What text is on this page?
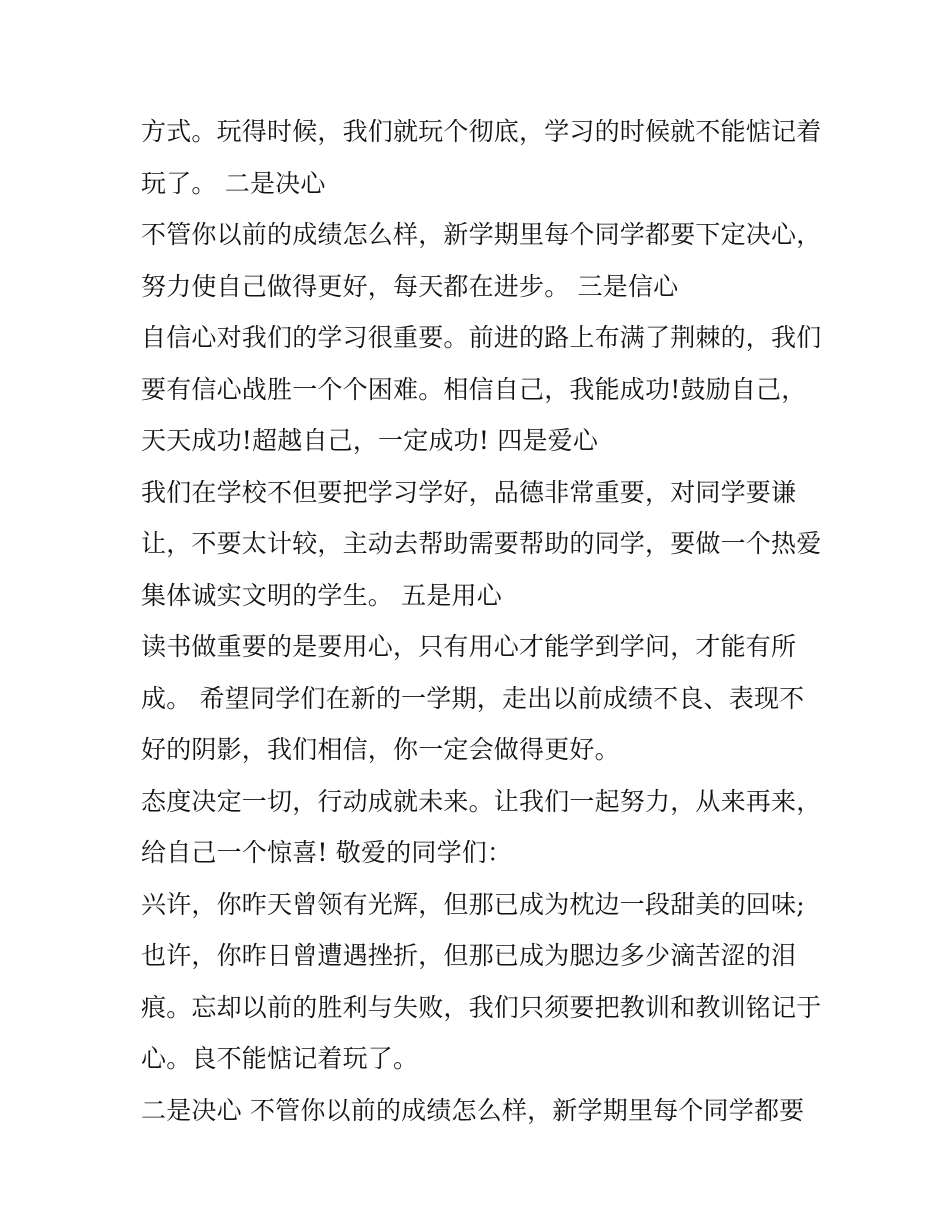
方式。玩得时候，我们就玩个彻底，学习的时候就不能惦记着
玩了。 二是决心
不管你以前的成绩怎么样，新学期里每个同学都要下定决心，
努力使自己做得更好，每天都在进步。 三是信心
自信心对我们的学习很重要。前进的路上布满了荆棘的，我们
要有信心战胜一个个困难。相信自己，我能成功!鼓励自己，
天天成功!超越自己，一定成功! 四是爱心
我们在学校不但要把学习学好，品德非常重要，对同学要谦
让，不要太计较，主动去帮助需要帮助的同学，要做一个热爱
集体诚实文明的学生。 五是用心
读书做重要的是要用心，只有用心才能学到学问，才能有所
成。 希望同学们在新的一学期，走出以前成绩不良、表现不
好的阴影，我们相信，你一定会做得更好。
态度决定一切，行动成就未来。让我们一起努力，从来再来，
给自己一个惊喜! 敬爱的同学们：
兴许，你昨天曾领有光辉，但那已成为枕边一段甜美的回味;
也许，你昨日曾遭遇挫折，但那已成为腮边多少滴苦涩的泪
痕。忘却以前的胜利与失败，我们只须要把教训和教训铭记于
心。良不能惦记着玩了。
二是决心 不管你以前的成绩怎么样，新学期里每个同学都要
